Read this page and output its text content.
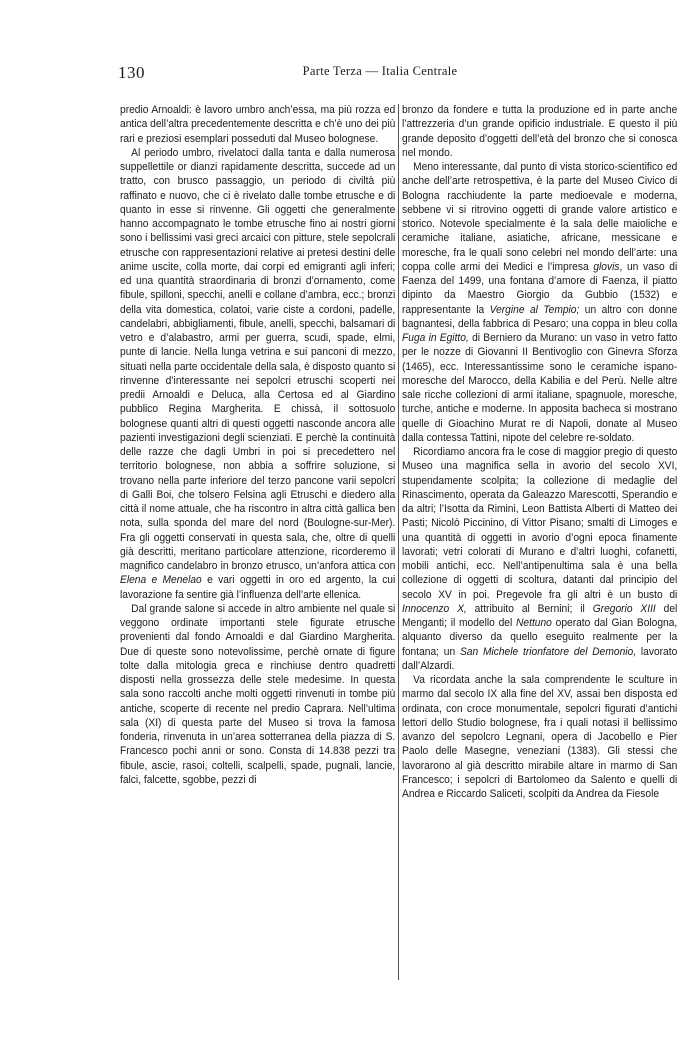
130	Parte Terza — Italia Centrale

predio Arnoaldi: è lavoro umbro anch’essa, ma più rozza ed antica dell’altra precedentemente descritta e ch’è uno dei più rari e preziosi esemplari posseduti dal Museo bolognese.

Al periodo umbro, rivelatoci dalla tanta e dalla numerosa suppellettile or dianzi rapidamente descritta, succede ad un tratto, con brusco passaggio, un periodo di civiltà più raffinato e nuovo, che ci è rivelato dalle tombe etrusche e di quanto in esse si rinvenne. Gli oggetti che generalmente hanno accompagnato le tombe etrusche fino ai nostri giorni sono i bellissimi vasi greci arcaici con pitture, stele sepolcrali etrusche con rappresentazioni relative ai pretesi destini delle anime uscite, colla morte, dai corpi ed emigranti agli inferi; ed una quantità straordinaria di bronzi d’ornamento, come fibule, spilloni, specchi, anelli e collane d’ambra, ecc.; bronzi della vita domestica, colatoi, varie ciste a cordoni, padelle, candelabri, abbigliamenti, fibule, anelli, specchi, balsamari di vetro e d’alabastro, armi per guerra, scudi, spade, elmi, punte di lancie. Nella lunga vetrina e sui panconi di mezzo, situati nella parte occidentale della sala, è disposto quanto si rinvenne d’interessante nei sepolcri etruschi scoperti nei predii Arnoaldi e Deluca, alla Certosa ed al Giardino pubblico Regina Margherita. E chissà, il sottosuolo bolognese quanti altri di questi oggetti nasconde ancora alle pazienti investigazioni degli scienziati. E perchè la continuità delle razze che dagli Umbri in poi si precedettero nel territorio bolognese, non abbia a soffrire soluzione, si trovano nella parte inferiore del terzo pancone varii sepolcri di Galli Boi, che tolsero Felsina agli Etruschi e diedero alla città il nome attuale, che ha riscontro in altra città gallica ben nota, sulla sponda del mare del nord (Boulogne-sur-Mer). Fra gli oggetti conservati in questa sala, che, oltre di quelli già descritti, meritano particolare attenzione, ricorderemo il magnifico candelabro in bronzo etrusco, un’anfora attica con Elena e Menelao e vari oggetti in oro ed argento, la cui lavorazione fa sentire già l’influenza dell’arte ellenica.

Dal grande salone si accede in altro ambiente nel quale si veggono ordinate importanti stele figurate etrusche provenienti dal fondo Arnoaldi e dal Giardino Margherita. Due di queste sono notevolissime, perchè ornate di figure tolte dalla mitologia greca e rinchiuse dentro quadretti disposti nella grossezza delle stele medesime. In questa sala sono raccolti anche molti oggetti rinvenuti in tombe più antiche, scoperte di recente nel predio Caprara. Nell’ultima sala (XI) di questa parte del Museo si trova la famosa fonderia, rinvenuta in un’area sotterranea della piazza di S. Francesco pochi anni or sono. Consta di 14.838 pezzi tra fibule, ascie, rasoi, coltelli, scalpelli, spade, pugnali, lancie, falci, falcette, sgobbe, pezzi di

bronzo da fondere e tutta la produzione ed in parte anche l’attrezzeria d’un grande opificio industriale. E questo il più grande deposito d’oggetti dell’età del bronzo che si conosca nel mondo.

Meno interessante, dal punto di vista storico-scientifico ed anche dell’arte retrospettiva, è la parte del Museo Civico di Bologna racchiudente la parte medioevale e moderna, sebbene vi si ritrovino oggetti di grande valore artistico e storico. Notevole specialmente è la sala delle maioliche e ceramiche italiane, asiatiche, africane, messicane e moresche, fra le quali sono celebri nel mondo dell’arte: una coppa colle armi dei Medici e l’impresa glovis, un vaso di Faenza del 1499, una fontana d’amore di Faenza, il piatto dipinto da Maestro Giorgio da Gubbio (1532) e rappresentante la Vergine al Tempio; un altro con donne bagnantesi, della fabbrica di Pesaro; una coppa in bleu colla Fuga in Egitto, di Berniero da Murano: un vaso in vetro fatto per le nozze di Giovanni II Bentivoglio con Ginevra Sforza (1465), ecc. Interessantissime sono le ceramiche ispano-moresche del Marocco, della Kabilia e del Perù. Nelle altre sale ricche collezioni di armi italiane, spagnuole, moresche, turche, antiche e moderne. In apposita bacheca si mostrano quelle di Gioachino Murat re di Napoli, donate al Museo dalla contessa Tattini, nipote del celebre re-soldato.

Ricordiamo ancora fra le cose di maggior pregio di questo Museo una magnifica sella in avorio del secolo XVI, stupendamente scolpita; la collezione di medaglie del Rinascimento, operata da Galeazzo Marescotti, Sperandio e da altri; l’Isotta da Rimini, Leon Battista Alberti di Matteo dei Pasti; Nicolò Piccinino, di Vittor Pisano; smalti di Limoges e una quantità di oggetti in avorio d’ogni epoca finamente lavorati; vetri colorati di Murano e d’altri luoghi, cofanetti, mobili antichi, ecc. Nell’antipenultima sala è una bella collezione di oggetti di scoltura, datanti dal principio del secolo XV in poi. Pregevole fra gli altri è un busto di Innocenzo X, attribuito al Bernini; il Gregorio XIII del Menganti; il modello del Nettuno operato dal Gian Bologna, alquanto diverso da quello eseguito realmente per la fontana; un San Michele trionfatore del Demonio, lavorato dall’Alzardi.

Va ricordata anche la sala comprendente le sculture in marmo dal secolo IX alla fine del XV, assai ben disposta ed ordinata, con croce monumentale, sepolcri figurati d’antichi lettori dello Studio bolognese, fra i quali notasi il bellissimo avanzo del sepolcro Legnani, opera di Jacobello e Pier Paolo delle Masegne, veneziani (1383). Gli stessi che lavorarono al già descritto mirabile altare in marmo di San Francesco; i sepolcri di Bartolomeo da Salento e quelli di Andrea e Riccardo Saliceti, scolpiti da Andrea da Fiesole
